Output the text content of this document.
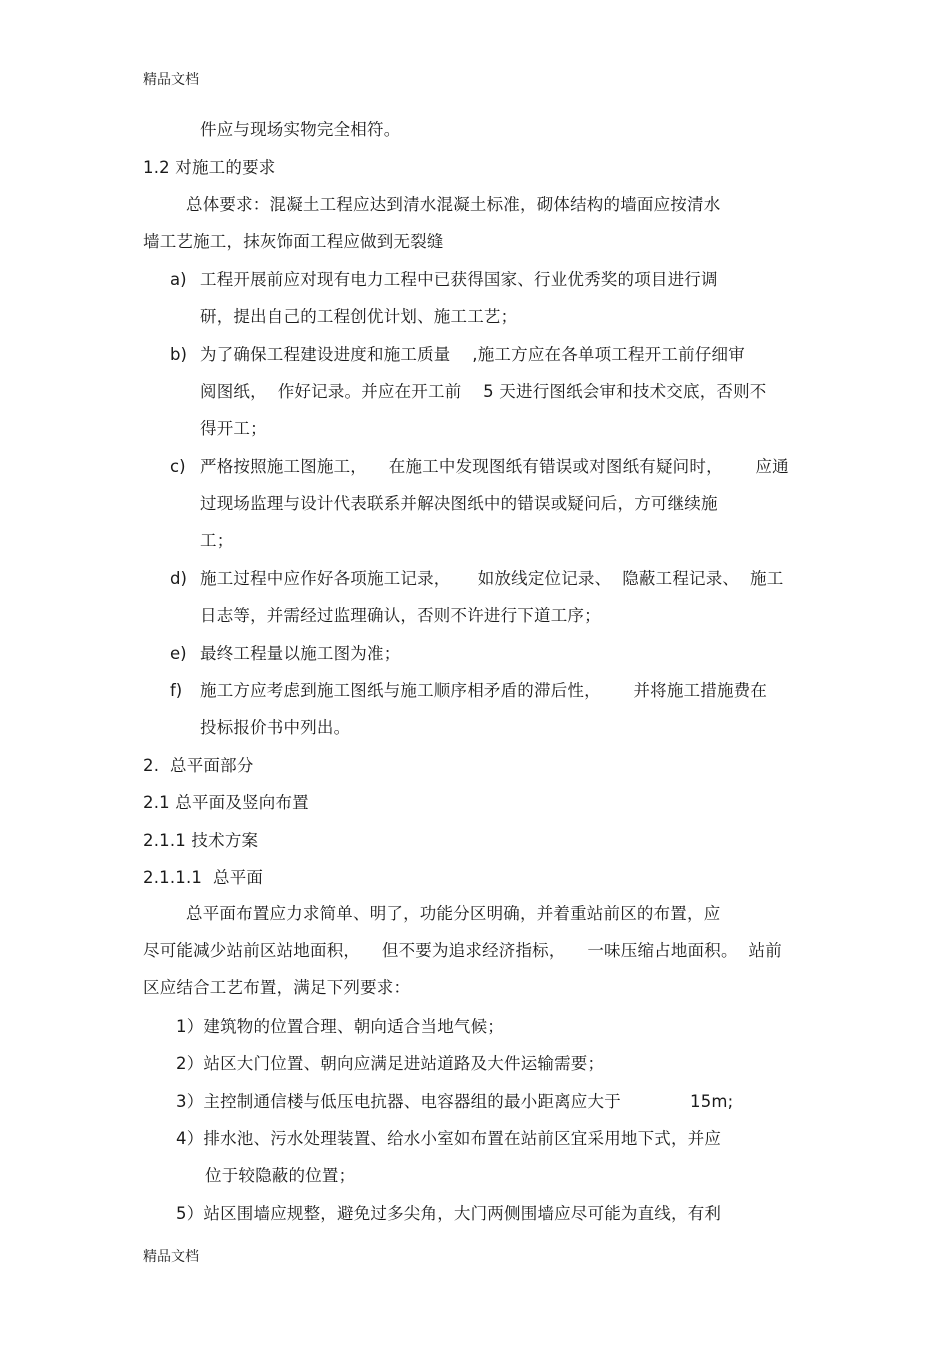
精品文档
件应与现场实物完全相符。
1.2 对施工的要求
总体要求：混凝土工程应达到清水混凝土标准，砌体结构的墙面应按清水
墙工艺施工，抹灰饰面工程应做到无裂缝
a) 工程开展前应对现有电力工程中已获得国家、行业优秀奖的项目进行调
研，提出自己的工程创优计划、施工工艺；
b) 为了确保工程建设进度和施工质量    ,施工方应在各单项工程开工前仔细审
阅图纸，  作好记录。并应在开工前    5 天进行图纸会审和技术交底，否则不
得开工；
c) 严格按照施工图施工，    在施工中发现图纸有错误或对图纸有疑问时，      应通
过现场监理与设计代表联系并解决图纸中的错误或疑问后，方可继续施
工；
d) 施工过程中应作好各项施工记录，     如放线定位记录、  隐蔽工程记录、  施工
日志等，并需经过监理确认，否则不许进行下道工序；
e) 最终工程量以施工图为准；
f) 施工方应考虑到施工图纸与施工顺序相矛盾的滞后性，      并将施工措施费在
投标报价书中列出。
2.  总平面部分
2.1 总平面及竖向布置
2.1.1 技术方案
2.1.1.1  总平面
总平面布置应力求简单、明了，功能分区明确，并着重站前区的布置，应
尽可能减少站前区站地面积，    但不要为追求经济指标，    一味压缩占地面积。  站前
区应结合工艺布置，满足下列要求：
1）建筑物的位置合理、朝向适合当地气候；
2）站区大门位置、朝向应满足进站道路及大件运输需要；
3）主控制通信楼与低压电抗器、电容器组的最小距离应大于	15m;
4）排水池、污水处理装置、给水小室如布置在站前区宜采用地下式，并应
位于较隐蔽的位置；
5）站区围墙应规整，避免过多尖角，大门两侧围墙应尽可能为直线，有利
精品文档
